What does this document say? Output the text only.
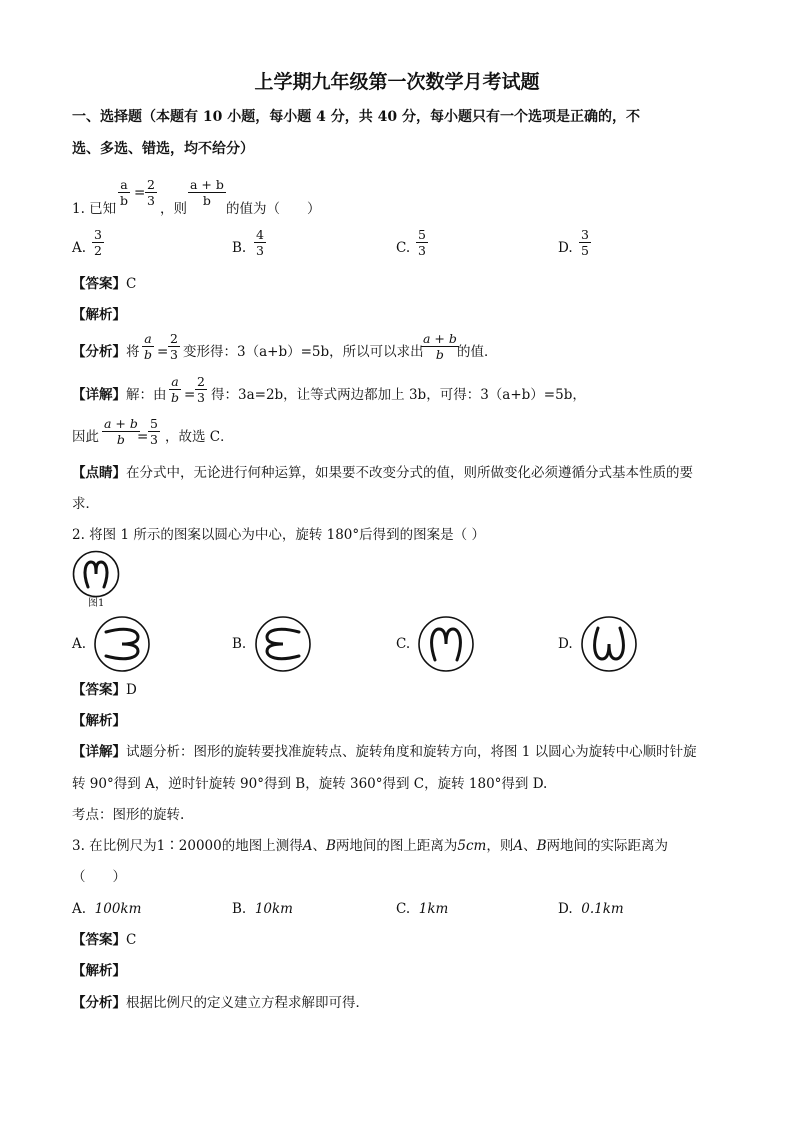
上学期九年级第一次数学月考试题
一、选择题（本题有 10 小题，每小题 4 分，共 40 分，每小题只有一个选项是正确的，不
选、多选、错选，均不给分）
1. 已知
$\frac{a}{b} = \frac{2}{3}$
，则
$\frac{a + b}{b}$
的值为（　　）
A. $\frac{3}{2}$	B. $\frac{4}{3}$	C. $\frac{5}{3}$	D. $\frac{3}{5}$
【答案】C
【解析】
【分析】将 $\frac{a}{b} = \frac{2}{3}$ 变形得：3（a+b）=5b，所以可以求出
$\frac{a + b}{b}$
的值．
【详解】解：由 $\frac{a}{b} = \frac{2}{3}$ 得：3a=2b，让等式两边都加上 3b，可得：3（a+b）=5b，
因此 $\frac{a + b}{b}$
= $\frac{5}{3}$ ，故选 C．
【点睛】在分式中，无论进行何种运算，如果要不改变分式的值，则所做变化必须遵循分式基本性质的要
求．
2. 将图 1 所示的图案以圆心为中心，旋转 180°后得到的图案是（ ）
图1
A.	B.	C.	D.
【答案】D
【解析】
【详解】试题分析：图形的旋转要找准旋转点、旋转角度和旋转方向，将图 1 以圆心为旋转中心顺时针旋
转 90°得到 A，逆时针旋转 90°得到 B，旋转 360°得到 C，旋转 180°得到 D.
考点：图形的旋转.
3. 在比例尺为1∶20000的地图上测得A、B两地间的图上距离为5cm，则A、B两地间的实际距离为
（　　）
A. 100km	B. 10km	C. 1km	D. 0.1km
【答案】C
【解析】
【分析】根据比例尺的定义建立方程求解即可得．
